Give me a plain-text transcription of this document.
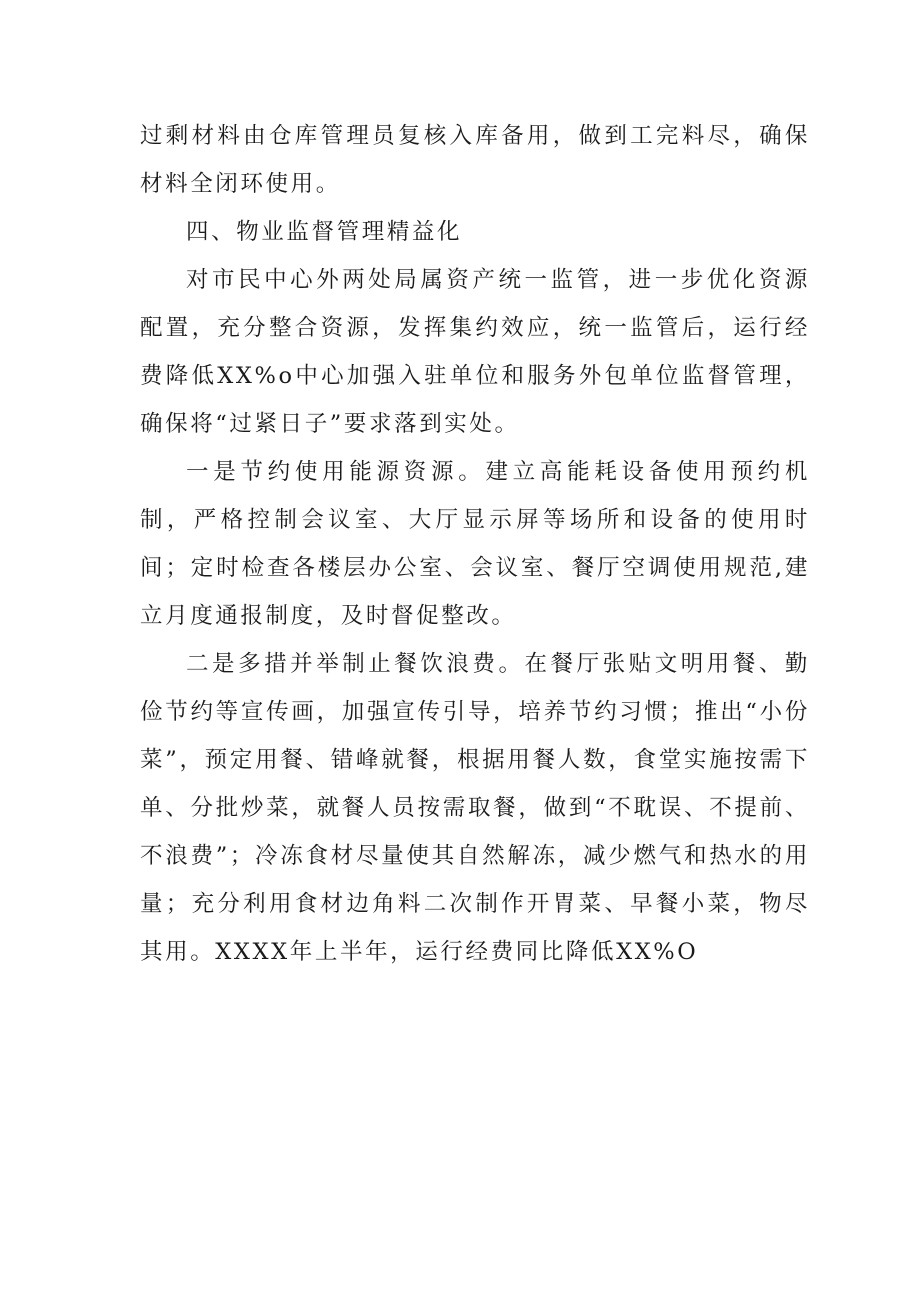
过剩材料由仓库管理员复核入库备用，做到工完料尽，确保材料全闭环使用。

四、物业监督管理精益化

对市民中心外两处局属资产统一监管，进一步优化资源配置，充分整合资源，发挥集约效应，统一监管后，运行经费降低XX%o中心加强入驻单位和服务外包单位监督管理，确保将“过紧日子”要求落到实处。

一是节约使用能源资源。建立高能耗设备使用预约机制，严格控制会议室、大厅显示屏等场所和设备的使用时间；定时检查各楼层办公室、会议室、餐厅空调使用规范,建立月度通报制度，及时督促整改。

二是多措并举制止餐饮浪费。在餐厅张贴文明用餐、勤俭节约等宣传画，加强宣传引导，培养节约习惯；推出“小份菜”，预定用餐、错峰就餐，根据用餐人数，食堂实施按需下单、分批炒菜，就餐人员按需取餐，做到“不耽误、不提前、不浪费”；冷冻食材尽量使其自然解冻，减少燃气和热水的用量；充分利用食材边角料二次制作开胃菜、早餐小菜，物尽其用。XXXX年上半年，运行经费同比降低XX%O
